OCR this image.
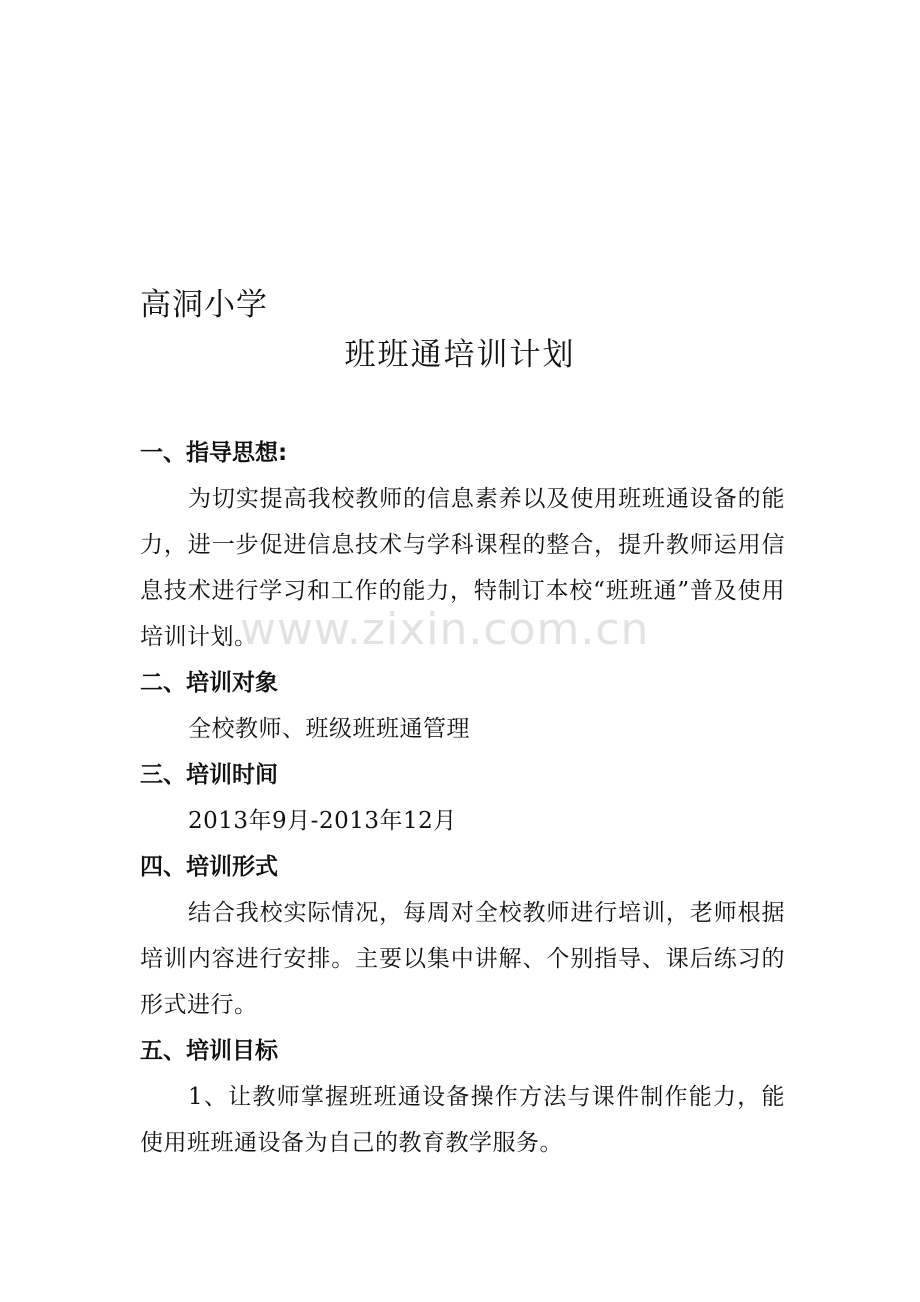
高洞小学
班班通培训计划

一、指导思想:

为切实提高我校教师的信息素养以及使用班班通设备的能力，进一步促进信息技术与学科课程的整合，提升教师运用信息技术进行学习和工作的能力，特制订本校“班班通”普及使用培训计划。

二、培训对象

全校教师、班级班班通管理

三、培训时间

2013年9月-2013年12月

四、培训形式

结合我校实际情况，每周对全校教师进行培训，老师根据培训内容进行安排。主要以集中讲解、个别指导、课后练习的形式进行。

五、培训目标

1、让教师掌握班班通设备操作方法与课件制作能力，能使用班班通设备为自己的教育教学服务。

www.zixin.com.cn
